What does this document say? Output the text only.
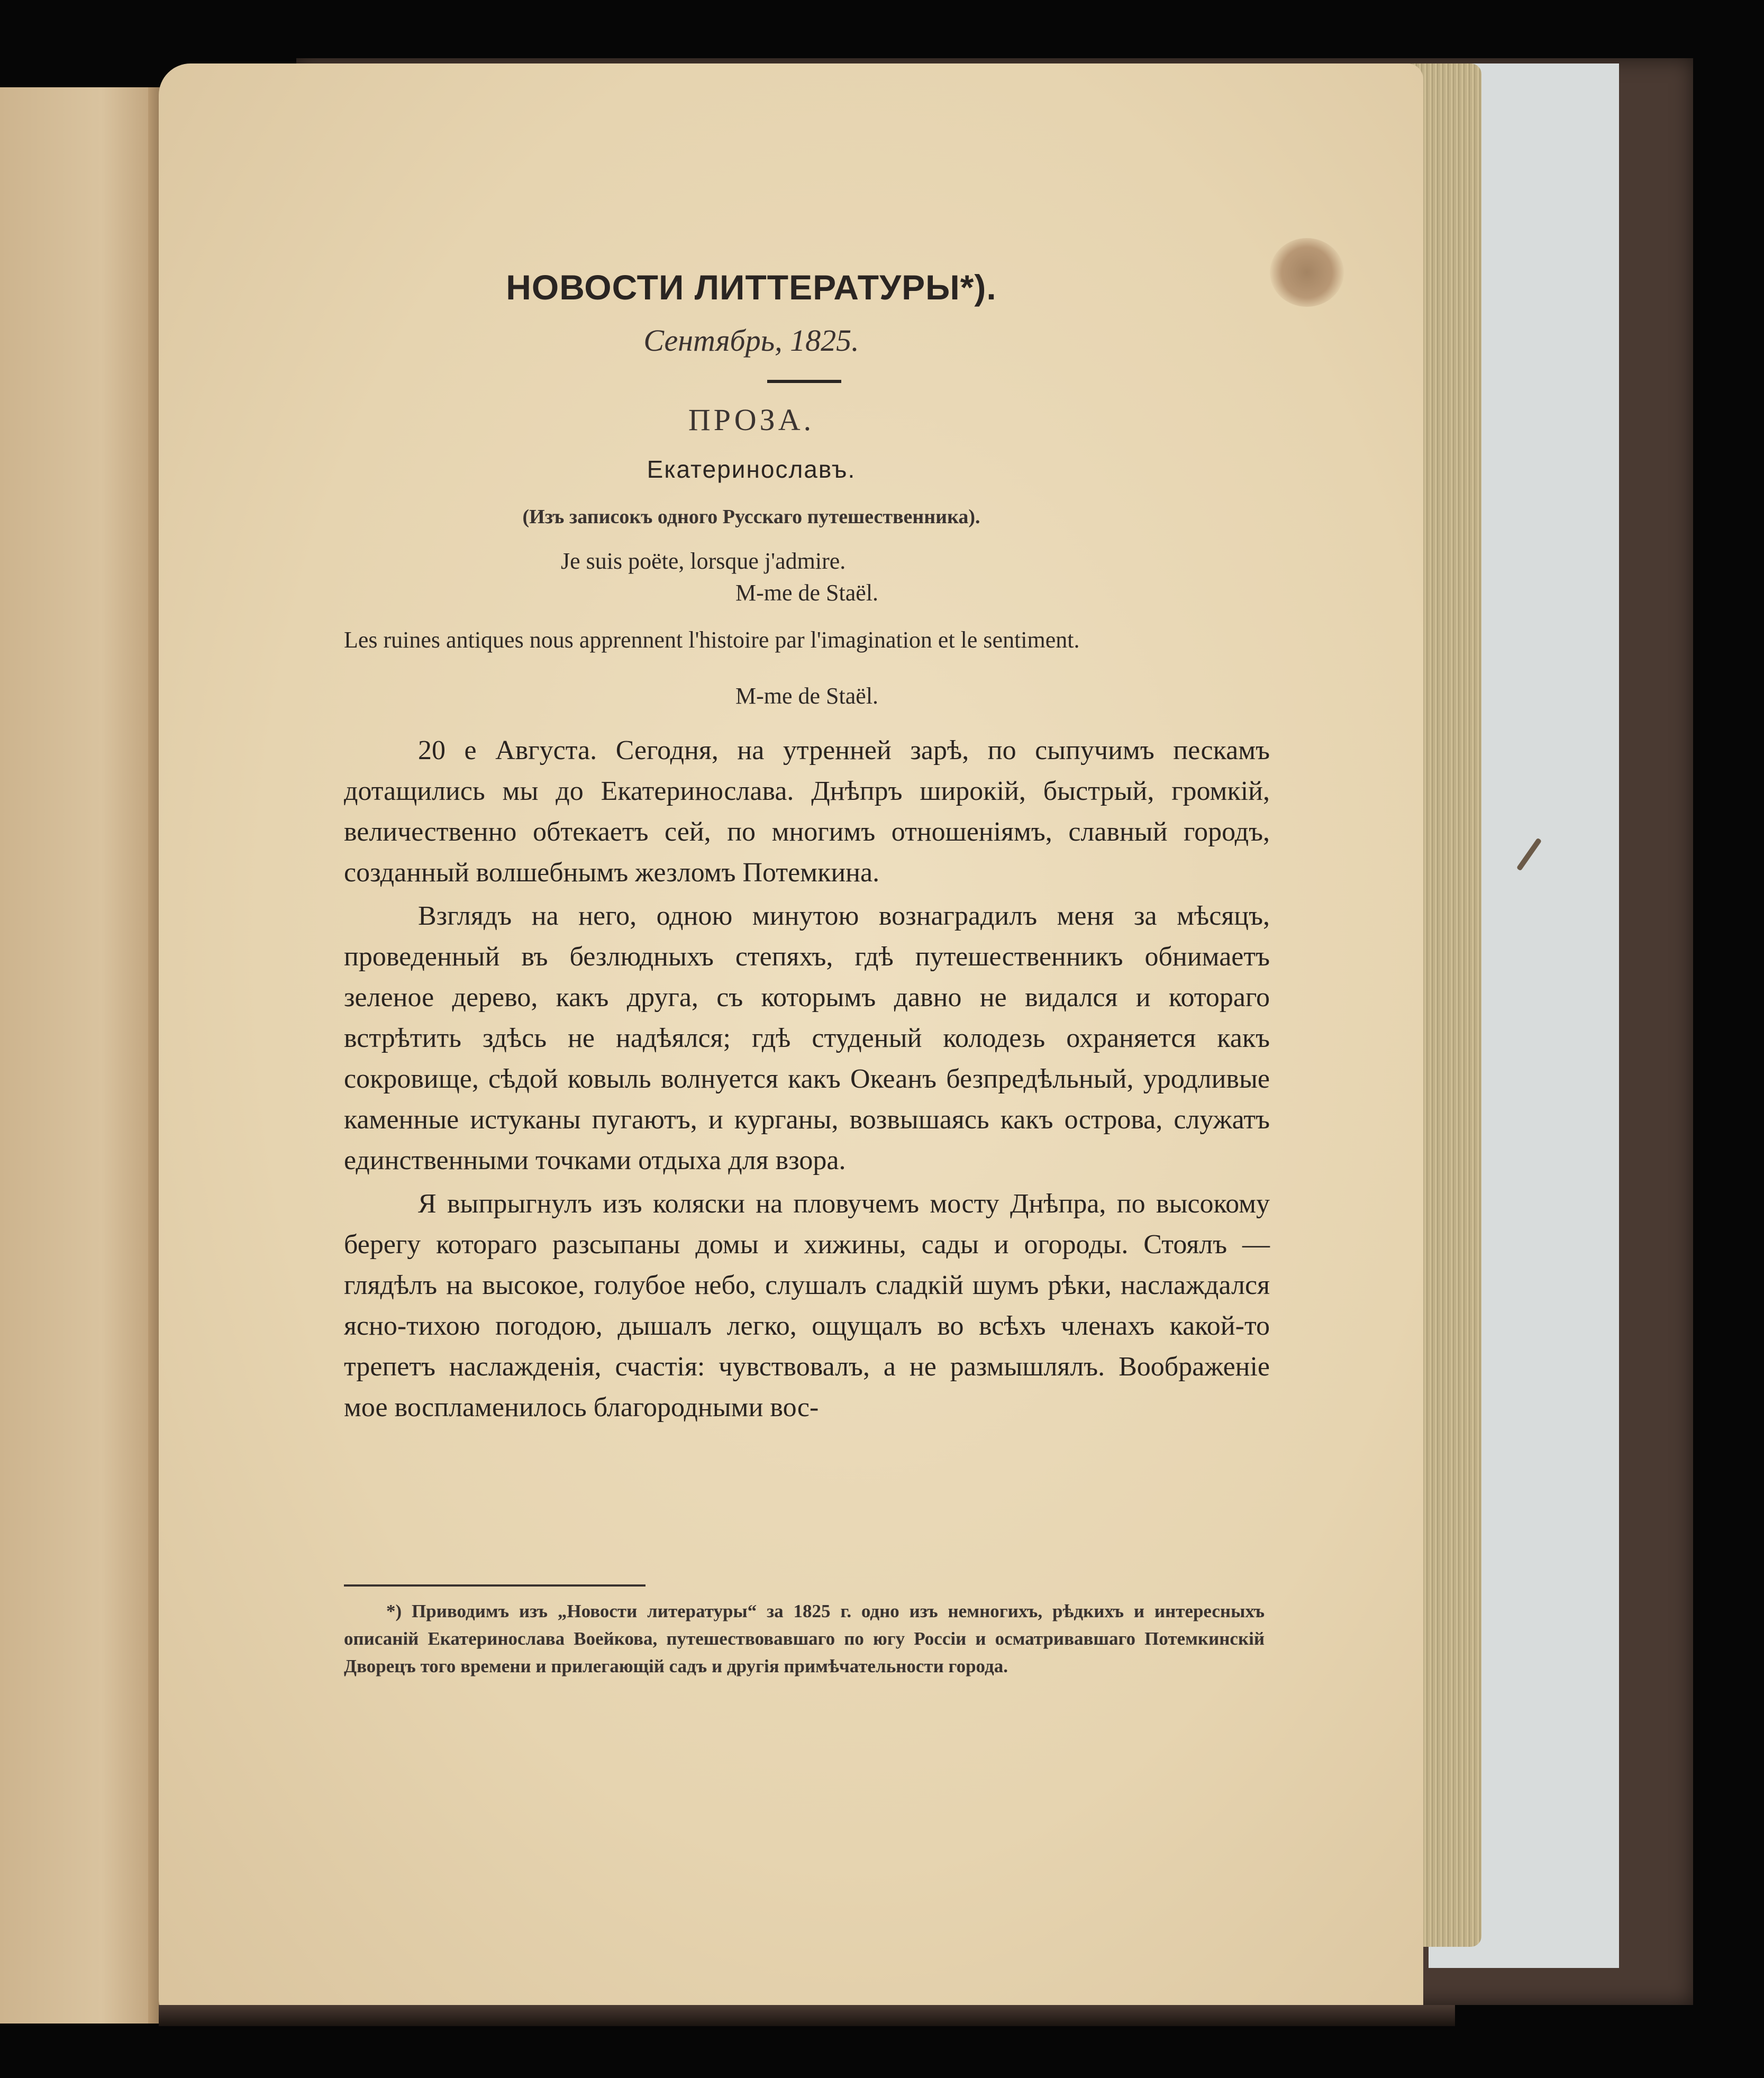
НОВОСТИ ЛИТТЕРАТУРЫ*).
Сентябрь, 1825.
ПРОЗА.
Екатеринославъ.
(Изъ записокъ одного Русскаго путешественника).
Je suis poëte, lorsque j'admire.
M-me de Staël.
Les ruines antiques nous apprennent l'histoire par l'imagination et le sentiment.
M-me de Staël.

20 е Августа. Сегодня, на утренней зарѣ, по сыпучимъ пескамъ дотащились мы до Екатеринослава. Днѣпръ широкій, быстрый, громкій, величественно обтекаетъ сей, по многимъ отношеніямъ, славный городъ, созданный волшебнымъ жезломъ Потемкина.

Взглядъ на него, одною минутою вознаградилъ меня за мѣсяцъ, проведенный въ безлюдныхъ степяхъ, гдѣ путешественникъ обнимаетъ зеленое дерево, какъ друга, съ которымъ давно не видался и котораго встрѣтить здѣсь не надѣялся; гдѣ студеный колодезь охраняется какъ сокровище, сѣдой ковыль волнуется какъ Океанъ безпредѣльный, уродливые каменные истуканы пугаютъ, и курганы, возвышаясь какъ острова, служатъ единственными точками отдыха для взора.

Я выпрыгнулъ изъ коляски на пловучемъ мосту Днѣпра, по высокому берегу котораго разсыпаны домы и хижины, сады и огороды. Стоялъ —глядѣлъ на высокое, голубое небо, слушалъ сладкій шумъ рѣки, наслаждался ясно-тихою погодою, дышалъ легко, ощущалъ во всѣхъ членахъ какой-то трепетъ наслажденія, счастія: чувствовалъ, а не размышлялъ. Воображеніе мое воспламенилось благородными вос-

*) Приводимъ изъ „Новости литературы“ за 1825 г. одно изъ немногихъ, рѣдкихъ и интересныхъ описаній Екатеринослава Воейкова, путешествовавшаго по югу Россіи и осматривавшаго Потемкинскій Дворецъ того времени и прилегающій садъ и другія примѣчательности города.
